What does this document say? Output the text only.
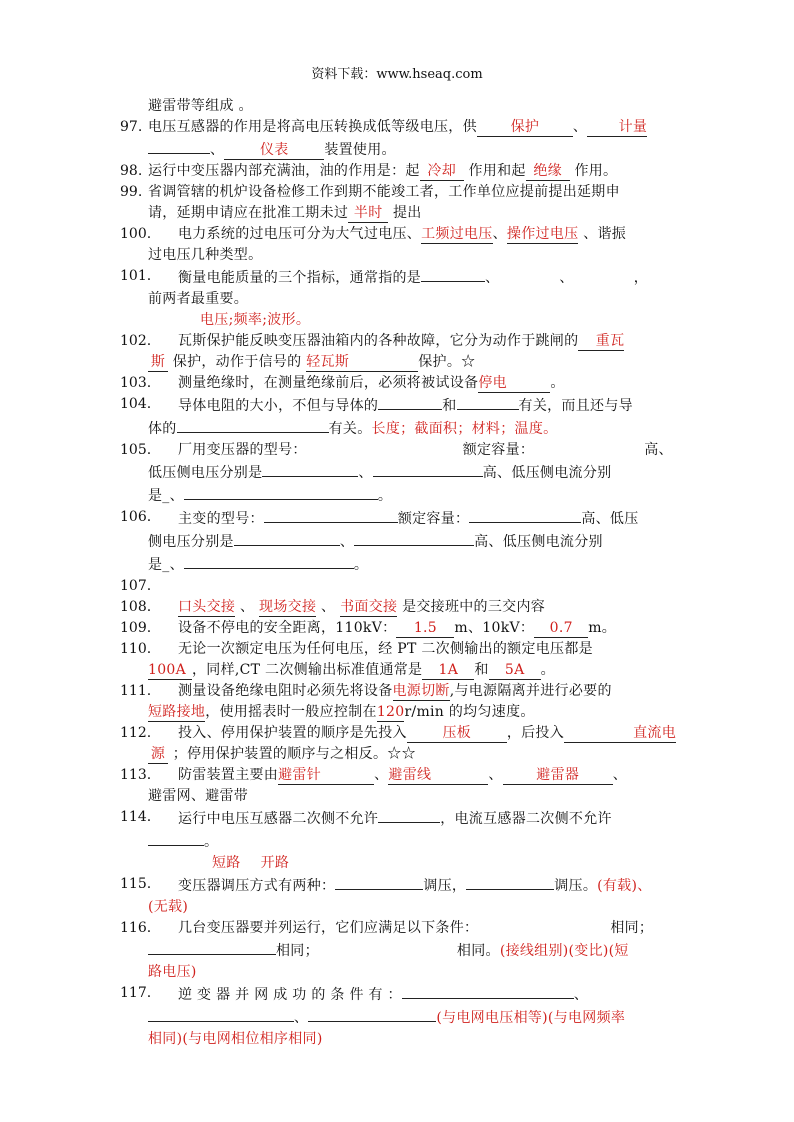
资料下载：www.hseaq.com
避雷带等组成 。
97. 电压互感器的作用是将高电压转换成低等级电压，供 保护 、 计量
、	仪表	装置使用。
98. 运行中变压器内部充满油，油的作用是：起 冷却 作用和起 绝缘 作用。
99. 省调管辖的机炉设备检修工作到期不能竣工者，工作单位应提前提出延期申
请，延期申请应在批准工期未过 半时 提出
100.	电力系统的过电压可分为大气过电压、工频过电压、操作过电压 、谐振
过电压几种类型。
101.	衡量电能质量的三个指标，通常指的是	、	、	，
前两者最重要。
电压;频率;波形。
102.	瓦斯保护能反映变压器油箱内的各种故障，它分为动作于跳闸的 重瓦
斯 保护，动作于信号的 轻瓦斯	保护。☆
103.	测量绝缘时，在测量绝缘前后，必须将被试设备停电	。
104.	导体电阻的大小，不但与导体的	和	有关，而且还与导
体的	有关。长度；截面积；材料；温度。
105.	厂用变压器的型号：	额定容量：	高、
低压侧电压分别是	、	高、低压侧电流分别
是_、	。
106.	主变的型号：	额定容量：	高、低压
侧电压分别是	、	高、低压侧电流分别
是_、	。
107.
108.	口头交接 、 现场交接 、 书面交接 是交接班中的三交内容
109.	设备不停电的安全距离，110kV： 1.5 m、10kV： 0.7 m。
110.	无论一次额定电压为任何电压，经 PT 二次侧输出的额定电压都是
100A ，同样,CT 二次侧输出标准值通常是 1A 和 5A 。
111.	测量设备绝缘电阻时必须先将设备电源切断,与电源隔离并进行必要的
短路接地，使用摇表时一般应控制在120r/min 的均匀速度。
112.	投入、停用保护装置的顺序是先投入	压板	，后投入	直流电
源 ；停用保护装置的顺序与之相反。☆☆
113.	防雷装置主要由避雷针	、避雷线	、 避雷器 、
避雷网、避雷带
114.	运行中电压互感器二次侧不允许	，电流互感器二次侧不允许
。
短路 开路
115.	变压器调压方式有两种：	调压，	调压。(有载)、
(无载)
116.	几台变压器要并列运行，它们应满足以下条件：	相同；
相同；	相同。(接线组别)(变比)(短
路电压)
117.	逆 变 器 并 网 成 功 的 条 件 有 ：	、
、	(与电网电压相等)(与电网频率
相同)(与电网相位相序相同)
